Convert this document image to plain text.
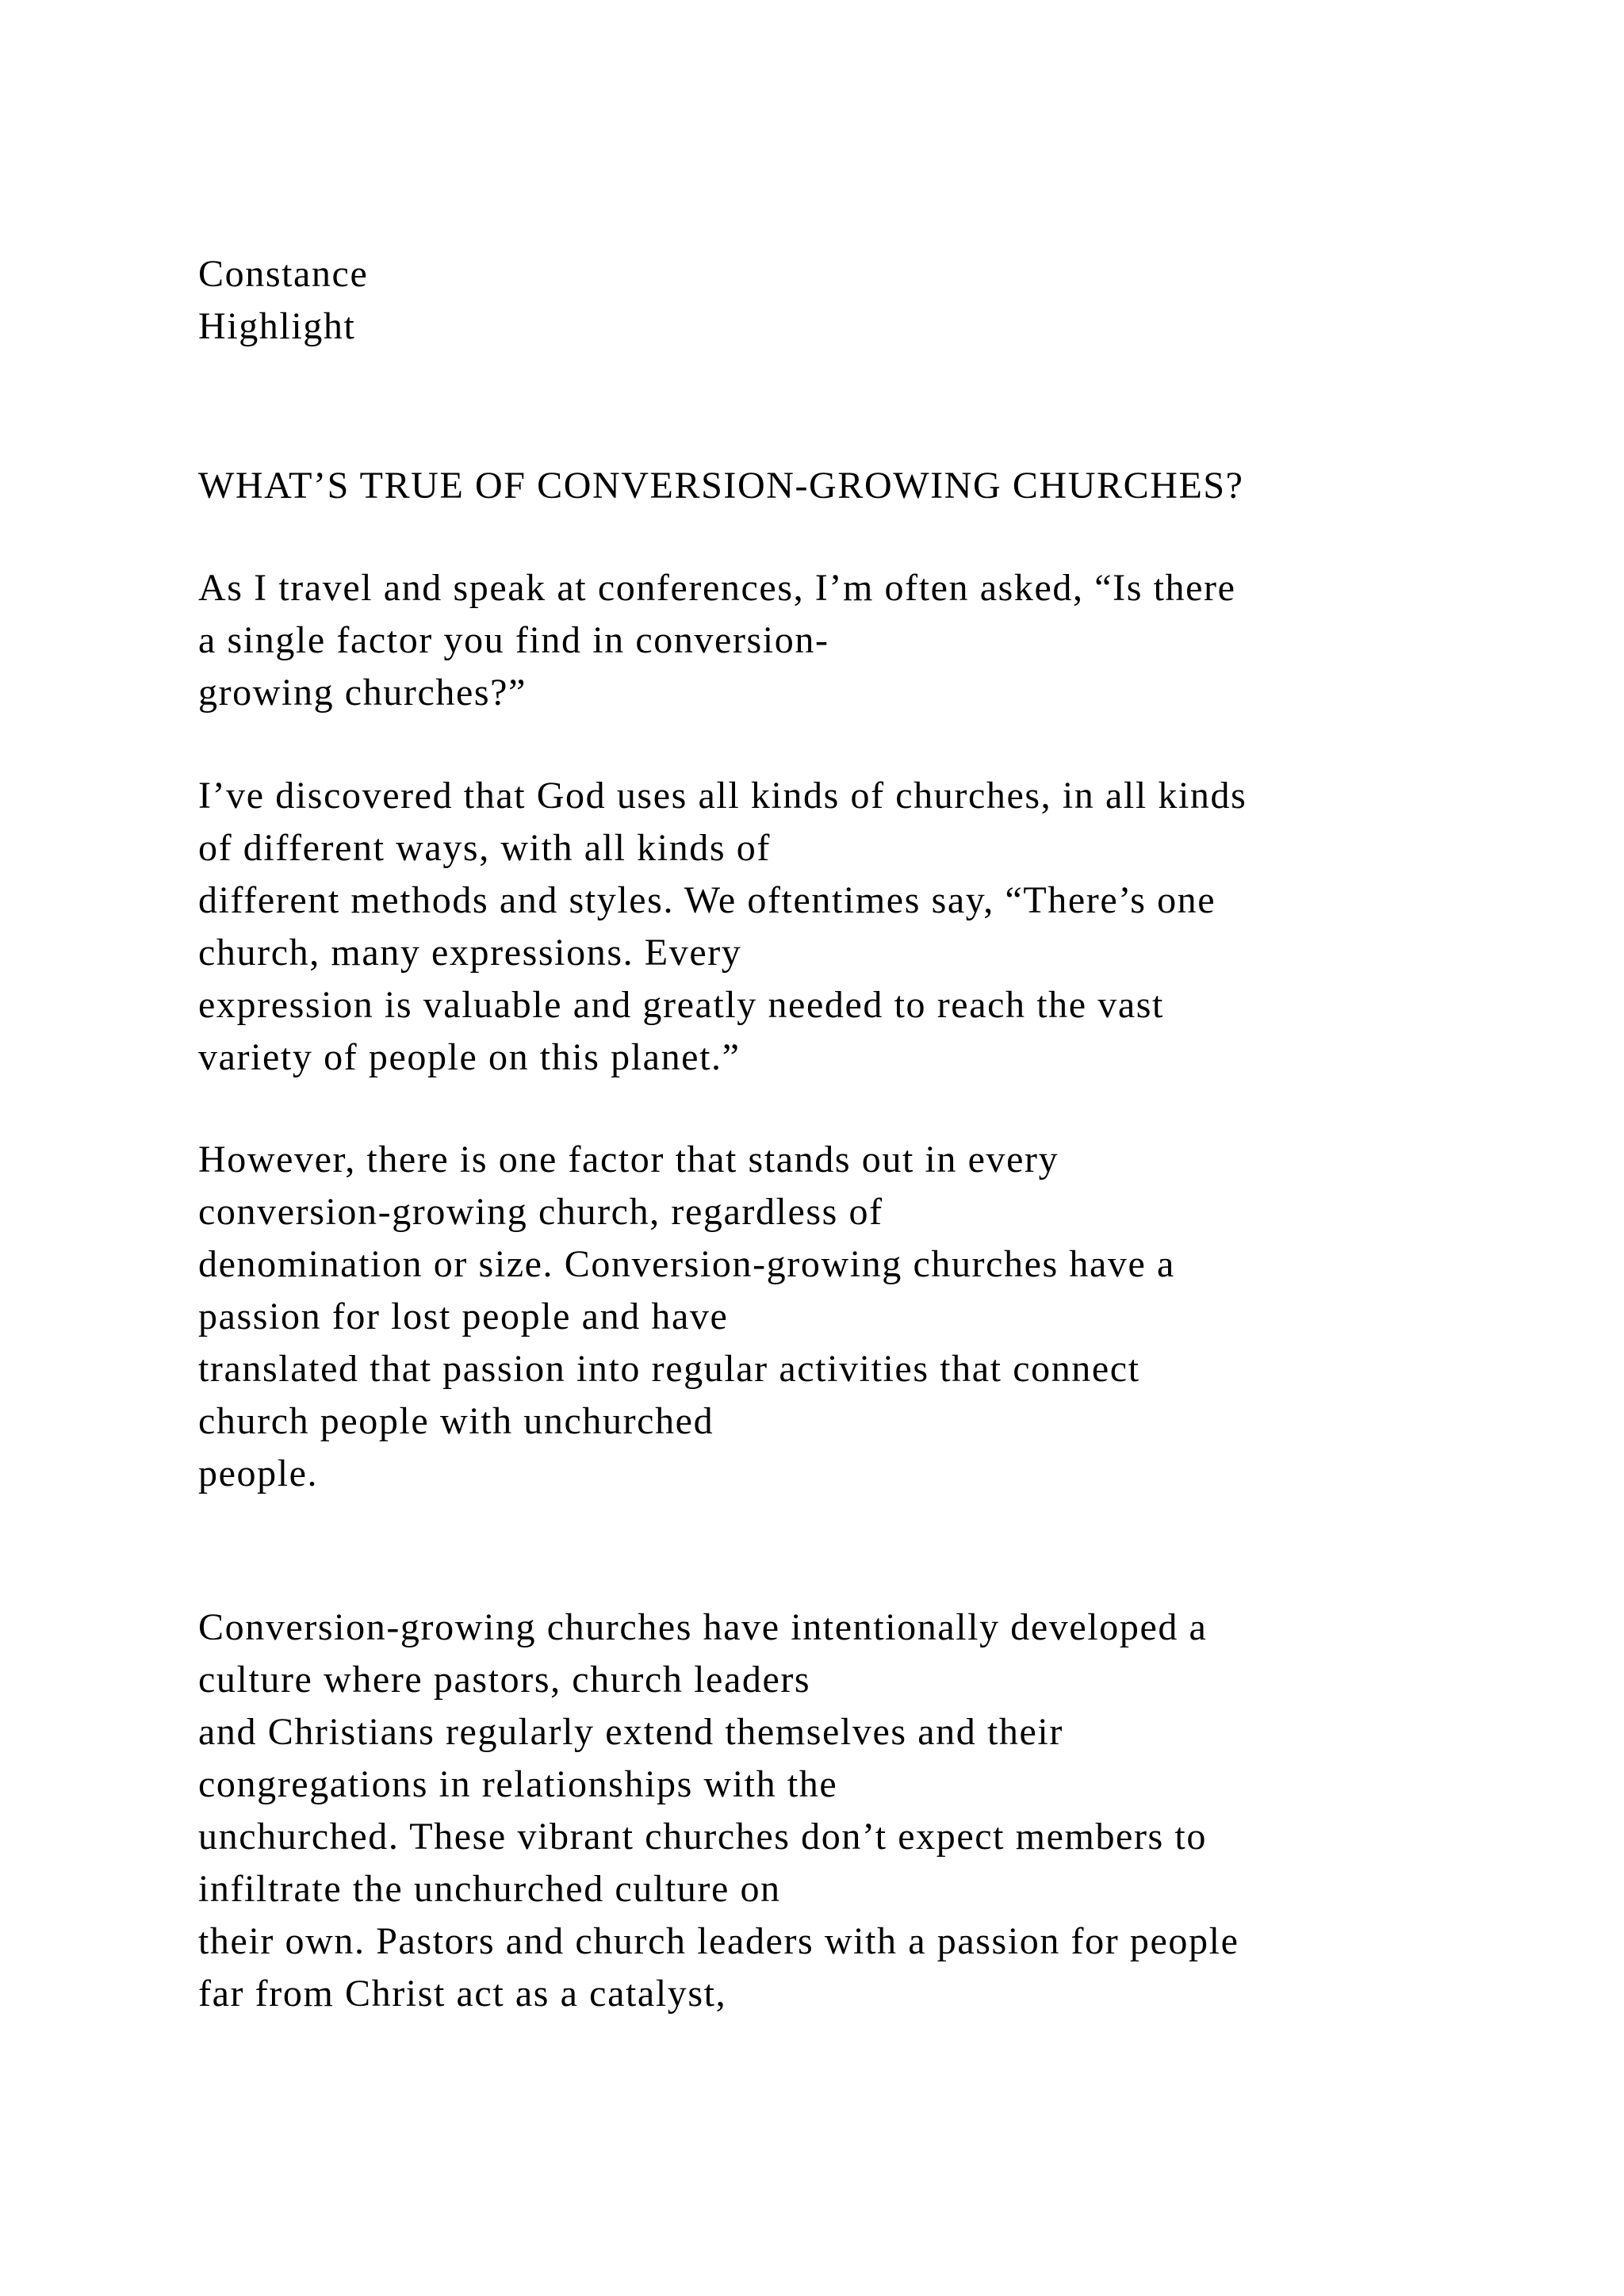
Constance
Highlight
WHAT’S TRUE OF CONVERSION-GROWING CHURCHES?
As I travel and speak at conferences, I’m often asked, “Is there
a single factor you find in conversion-
growing churches?”
I’ve discovered that God uses all kinds of churches, in all kinds
of different ways, with all kinds of
different methods and styles. We oftentimes say, “There’s one
church, many expressions. Every
expression is valuable and greatly needed to reach the vast
variety of people on this planet.”
However, there is one factor that stands out in every
conversion-growing church, regardless of
denomination or size. Conversion-growing churches have a
passion for lost people and have
translated that passion into regular activities that connect
church people with unchurched
people.
Conversion-growing churches have intentionally developed a
culture where pastors, church leaders
and Christians regularly extend themselves and their
congregations in relationships with the
unchurched. These vibrant churches don’t expect members to
infiltrate the unchurched culture on
their own. Pastors and church leaders with a passion for people
far from Christ act as a catalyst,
